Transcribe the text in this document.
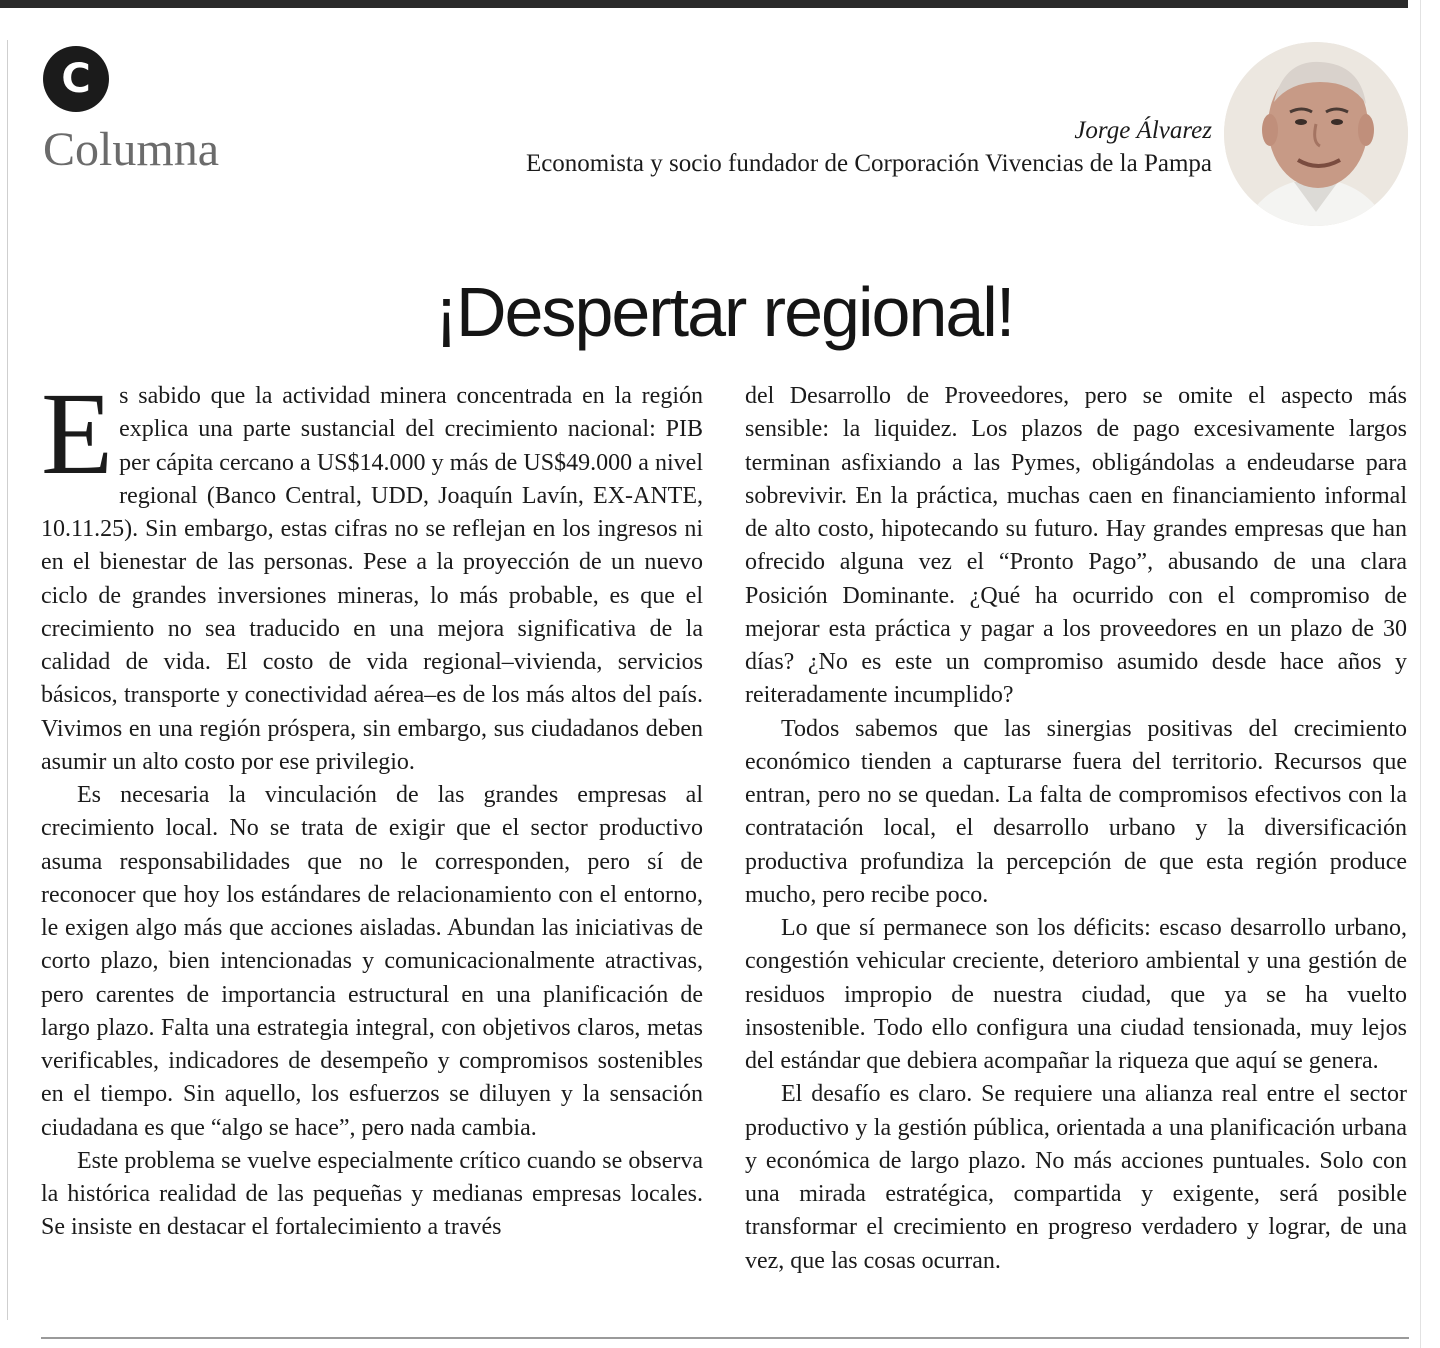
C
Columna	Jorge Álvarez
Economista y socio fundador de Corporación Vivencias de la Pampa
¡Despertar regional!

Es sabido que la actividad minera concentrada en la región explica una parte sustancial del crecimiento nacional: PIB per cápita cercano a US$14.000 y más de US$49.000 a nivel regional (Banco Central, UDD, Joaquín Lavín, EX-ANTE, 10.11.25). Sin embargo, estas cifras no se reflejan en los ingresos ni en el bienestar de las personas. Pese a la proyección de un nuevo ciclo de grandes inversiones mineras, lo más probable, es que el crecimiento no sea traducido en una mejora significativa de la calidad de vida. El costo de vida regional–vivienda, servicios básicos, transporte y conectividad aérea–es de los más altos del país. Vivimos en una región próspera, sin embargo, sus ciudadanos deben asumir un alto costo por ese privilegio.

Es necesaria la vinculación de las grandes empresas al crecimiento local. No se trata de exigir que el sector productivo asuma responsabilidades que no le corresponden, pero sí de reconocer que hoy los estándares de relacionamiento con el entorno, le exigen algo más que acciones aisladas. Abundan las iniciativas de corto plazo, bien intencionadas y comunicacionalmente atractivas, pero carentes de importancia estructural en una planificación de largo plazo. Falta una estrategia integral, con objetivos claros, metas verificables, indicadores de desempeño y compromisos sostenibles en el tiempo. Sin aquello, los esfuerzos se diluyen y la sensación ciudadana es que “algo se hace”, pero nada cambia.

Este problema se vuelve especialmente crítico cuando se observa la histórica realidad de las pequeñas y medianas empresas locales. Se insiste en destacar el fortalecimiento a través

del Desarrollo de Proveedores, pero se omite el aspecto más sensible: la liquidez. Los plazos de pago excesivamente largos terminan asfixiando a las Pymes, obligándolas a endeudarse para sobrevivir. En la práctica, muchas caen en financiamiento informal de alto costo, hipotecando su futuro. Hay grandes empresas que han ofrecido alguna vez el “Pronto Pago”, abusando de una clara Posición Dominante. ¿Qué ha ocurrido con el compromiso de mejorar esta práctica y pagar a los proveedores en un plazo de 30 días? ¿No es este un compromiso asumido desde hace años y reiteradamente incumplido?

Todos sabemos que las sinergias positivas del crecimiento económico tienden a capturarse fuera del territorio. Recursos que entran, pero no se quedan. La falta de compromisos efectivos con la contratación local, el desarrollo urbano y la diversificación productiva profundiza la percepción de que esta región produce mucho, pero recibe poco.

Lo que sí permanece son los déficits: escaso desarrollo urbano, congestión vehicular creciente, deterioro ambiental y una gestión de residuos impropio de nuestra ciudad, que ya se ha vuelto insostenible. Todo ello configura una ciudad tensionada, muy lejos del estándar que debiera acompañar la riqueza que aquí se genera.

El desafío es claro. Se requiere una alianza real entre el sector productivo y la gestión pública, orientada a una planificación urbana y económica de largo plazo. No más acciones puntuales. Solo con una mirada estratégica, compartida y exigente, será posible transformar el crecimiento en progreso verdadero y lograr, de una vez, que las cosas ocurran.
